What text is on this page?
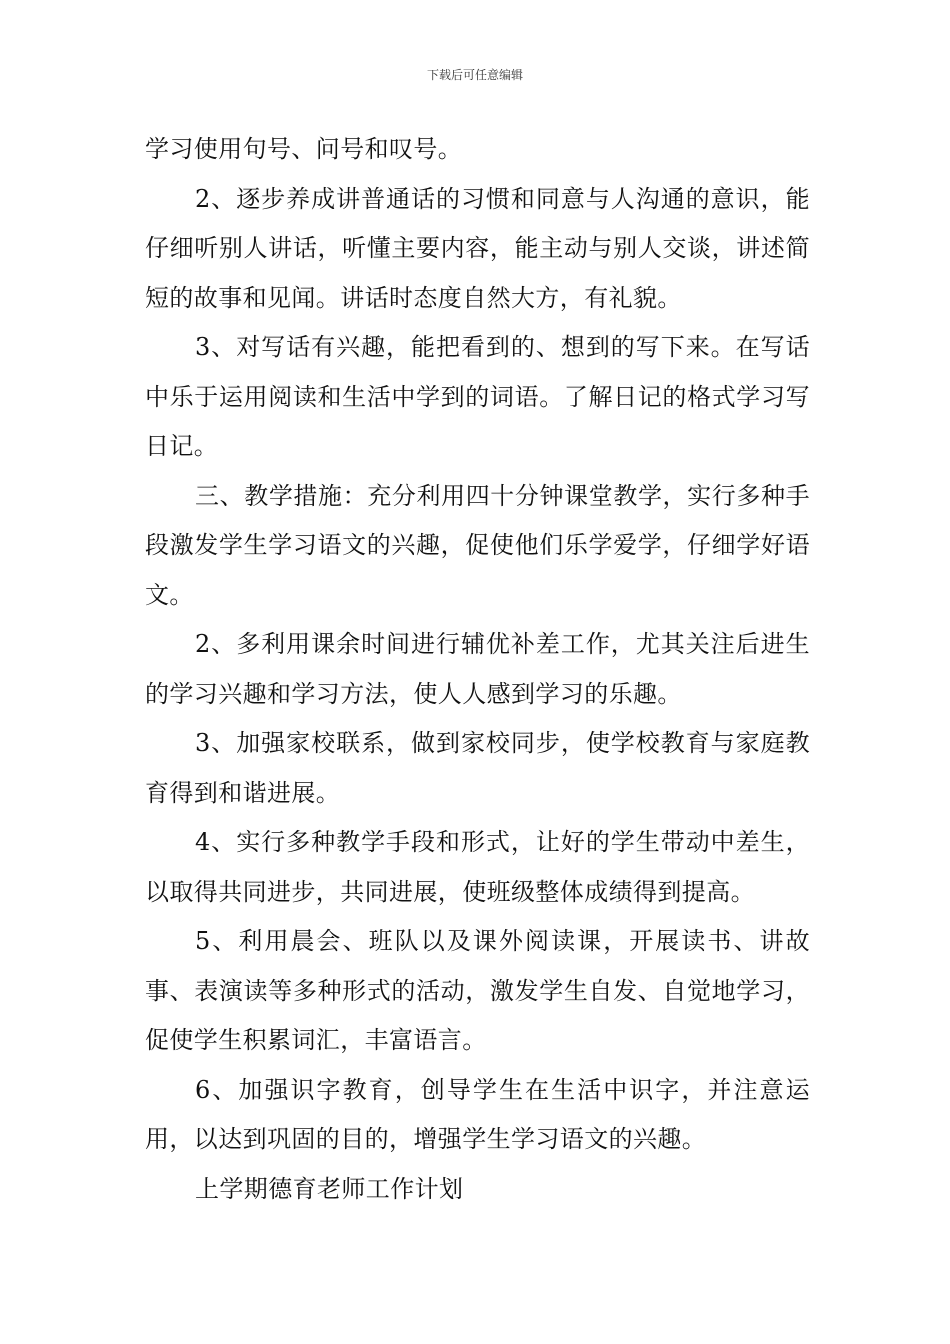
下载后可任意编辑

学习使用句号、问号和叹号。

2、逐步养成讲普通话的习惯和同意与人沟通的意识，能仔细听别人讲话，听懂主要内容，能主动与别人交谈，讲述简短的故事和见闻。讲话时态度自然大方，有礼貌。

3、对写话有兴趣，能把看到的、想到的写下来。在写话中乐于运用阅读和生活中学到的词语。了解日记的格式学习写日记。

三、教学措施：充分利用四十分钟课堂教学，实行多种手段激发学生学习语文的兴趣，促使他们乐学爱学，仔细学好语文。

2、多利用课余时间进行辅优补差工作，尤其关注后进生的学习兴趣和学习方法，使人人感到学习的乐趣。

3、加强家校联系，做到家校同步，使学校教育与家庭教育得到和谐进展。

4、实行多种教学手段和形式，让好的学生带动中差生，以取得共同进步，共同进展，使班级整体成绩得到提高。

5、利用晨会、班队以及课外阅读课，开展读书、讲故事、表演读等多种形式的活动，激发学生自发、自觉地学习，促使学生积累词汇，丰富语言。

6、加强识字教育，创导学生在生活中识字，并注意运用，以达到巩固的目的，增强学生学习语文的兴趣。

上学期德育老师工作计划
